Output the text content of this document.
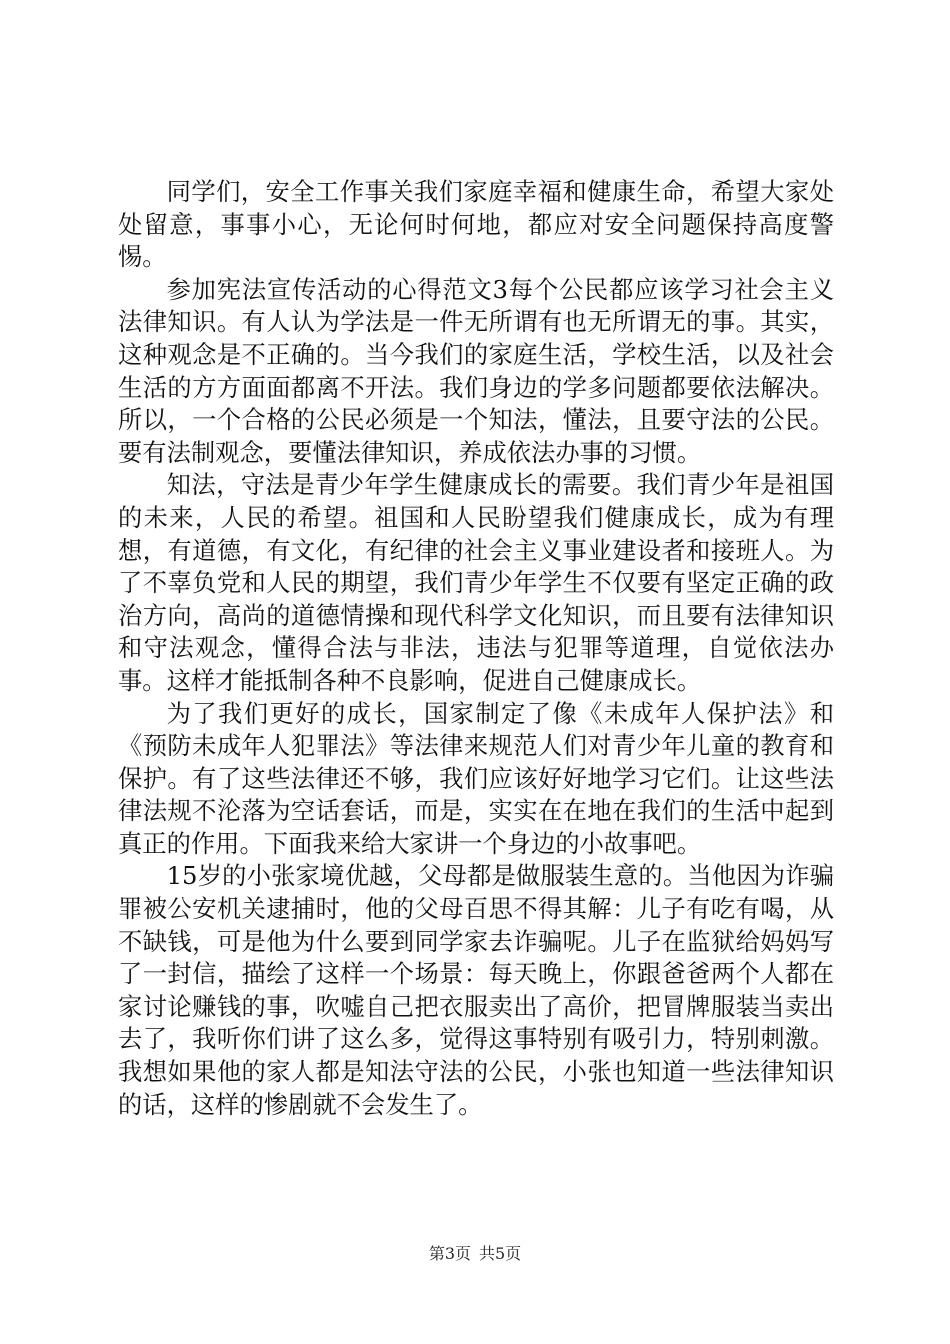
同学们，安全工作事关我们家庭幸福和健康生命，希望大家处处留意，事事小心，无论何时何地，都应对安全问题保持高度警惕。

参加宪法宣传活动的心得范文3每个公民都应该学习社会主义法律知识。有人认为学法是一件无所谓有也无所谓无的事。其实，这种观念是不正确的。当今我们的家庭生活，学校生活，以及社会生活的方方面面都离不开法。我们身边的学多问题都要依法解决。所以，一个合格的公民必须是一个知法，懂法，且要守法的公民。要有法制观念，要懂法律知识，养成依法办事的习惯。

知法，守法是青少年学生健康成长的需要。我们青少年是祖国的未来，人民的希望。祖国和人民盼望我们健康成长，成为有理想，有道德，有文化，有纪律的社会主义事业建设者和接班人。为了不辜负党和人民的期望，我们青少年学生不仅要有坚定正确的政治方向，高尚的道德情操和现代科学文化知识，而且要有法律知识和守法观念，懂得合法与非法，违法与犯罪等道理，自觉依法办事。这样才能抵制各种不良影响，促进自己健康成长。

为了我们更好的成长，国家制定了像《未成年人保护法》和《预防未成年人犯罪法》等法律来规范人们对青少年儿童的教育和保护。有了这些法律还不够，我们应该好好地学习它们。让这些法律法规不沦落为空话套话，而是，实实在在地在我们的生活中起到真正的作用。下面我来给大家讲一个身边的小故事吧。

15岁的小张家境优越，父母都是做服装生意的。当他因为诈骗罪被公安机关逮捕时，他的父母百思不得其解：儿子有吃有喝，从不缺钱，可是他为什么要到同学家去诈骗呢。儿子在监狱给妈妈写了一封信，描绘了这样一个场景：每天晚上，你跟爸爸两个人都在家讨论赚钱的事，吹嘘自己把衣服卖出了高价，把冒牌服装当卖出去了，我听你们讲了这么多，觉得这事特别有吸引力，特别刺激。我想如果他的家人都是知法守法的公民，小张也知道一些法律知识的话，这样的惨剧就不会发生了。

第3页 共5页
